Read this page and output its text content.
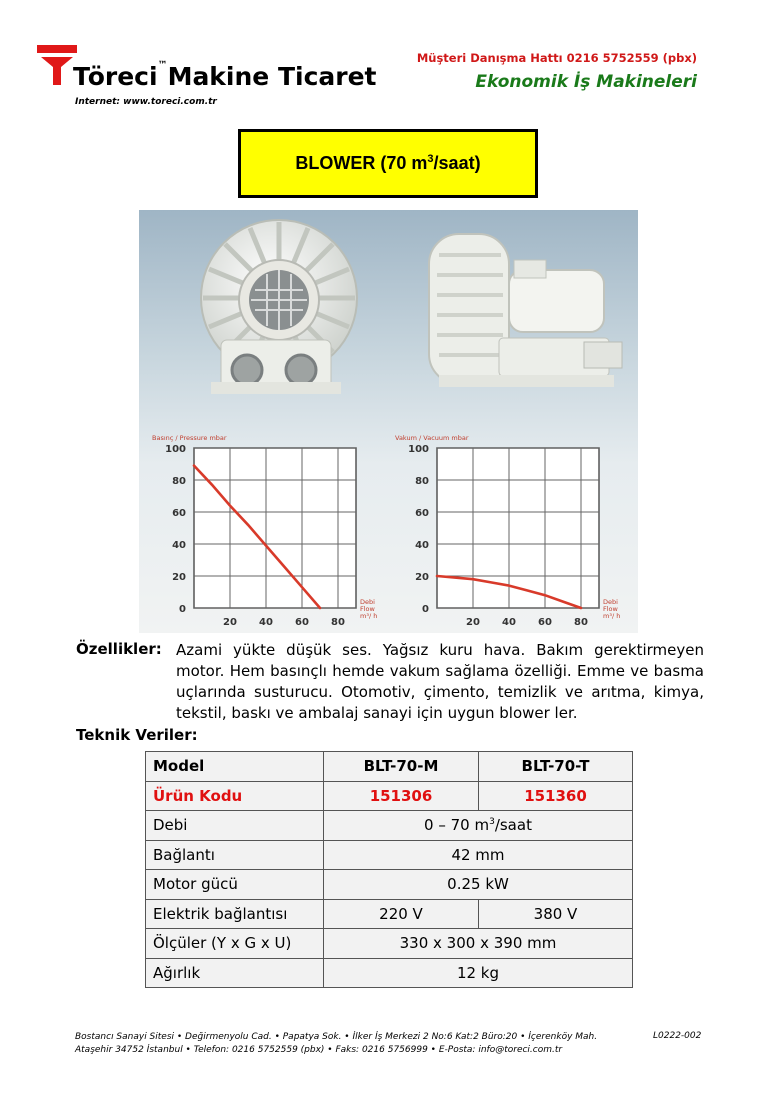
Töreci™Makine Ticaret
Internet: www.toreci.com.tr
Müşteri Danışma Hattı 0216 5752559 (pbx)
Ekonomik İş Makineleri
BLOWER (70 $m^3/saat$)
0
20
40
60
80
100
20 40 60 80
Basınç / Pressure mbar
Debi Flow m³/ h
0
20
40
60
80
100
20 40 60 80
Vakum / Vacuum mbar
Debi Flow m³/ h
Özellikler: Azami yükte düşük ses. Yağsız kuru hava. Bakım gerektirmeyen motor. Hem basınçlı hemde vakum sağlama özelliği. Emme ve basma uçlarında susturucu. Otomotiv, çimento, temizlik ve arıtma, kimya, tekstil, baskı ve ambalaj sanayi için uygun blower ler.
Teknik Veriler:
Model	BLT-70-M	BLT-70-T
Ürün Kodu	151306	151360
Debi	0 – 70 $m^3$/saat	
Bağlantı	42 mm	
Motor gücü	0.25 kW	
Elektrik bağlantısı	220 V	380 V
Ölçüler (Y x G x U)	330 x 300 x 390 mm	
Ağırlık	12 kg	
Bostancı Sanayi Sitesi • Değirmenyolu Cad. • Papatya Sok. • İlker İş Merkezi 2 No:6 Kat:2 Büro:20 • İçerenköy Mah.
Ataşehir 34752 İstanbul • Telefon: 0216 5752559 (pbx) • Faks: 0216 5756999 • E-Posta: info@toreci.com.tr
L0222-002
